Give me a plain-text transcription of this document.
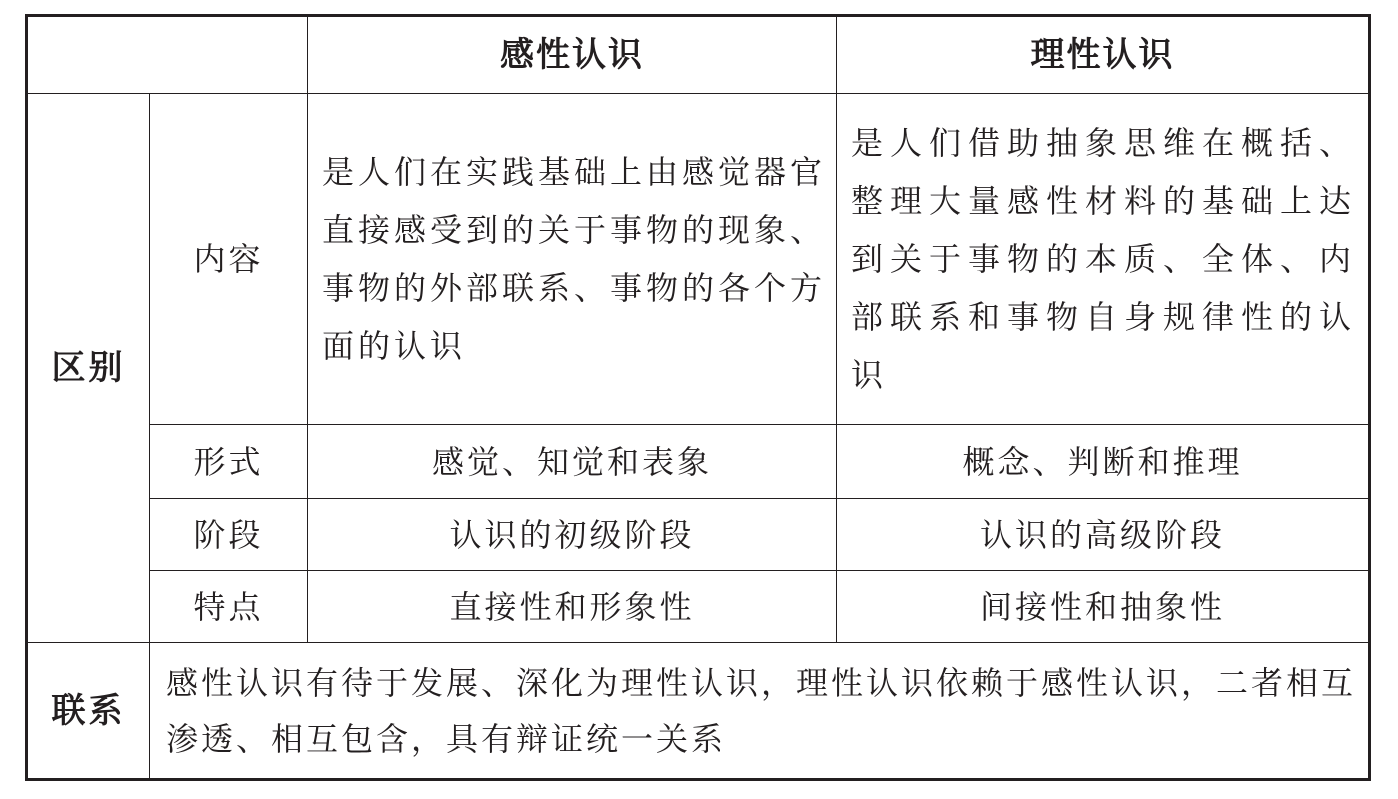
		感性认识	理性认识
区别	内容	是人们在实践基础上由感觉器官直接感受到的关于事物的现象、事物的外部联系、事物的各个方面的认识	是人们借助抽象思维在概括、整理大量感性材料的基础上达到关于事物的本质、全体、内部联系和事物自身规律性的认识
	形式	感觉、知觉和表象	概念、判断和推理
	阶段	认识的初级阶段	认识的高级阶段
	特点	直接性和形象性	间接性和抽象性
联系	感性认识有待于发展、深化为理性认识，理性认识依赖于感性认识，二者相互渗透、相互包含，具有辩证统一关系		
